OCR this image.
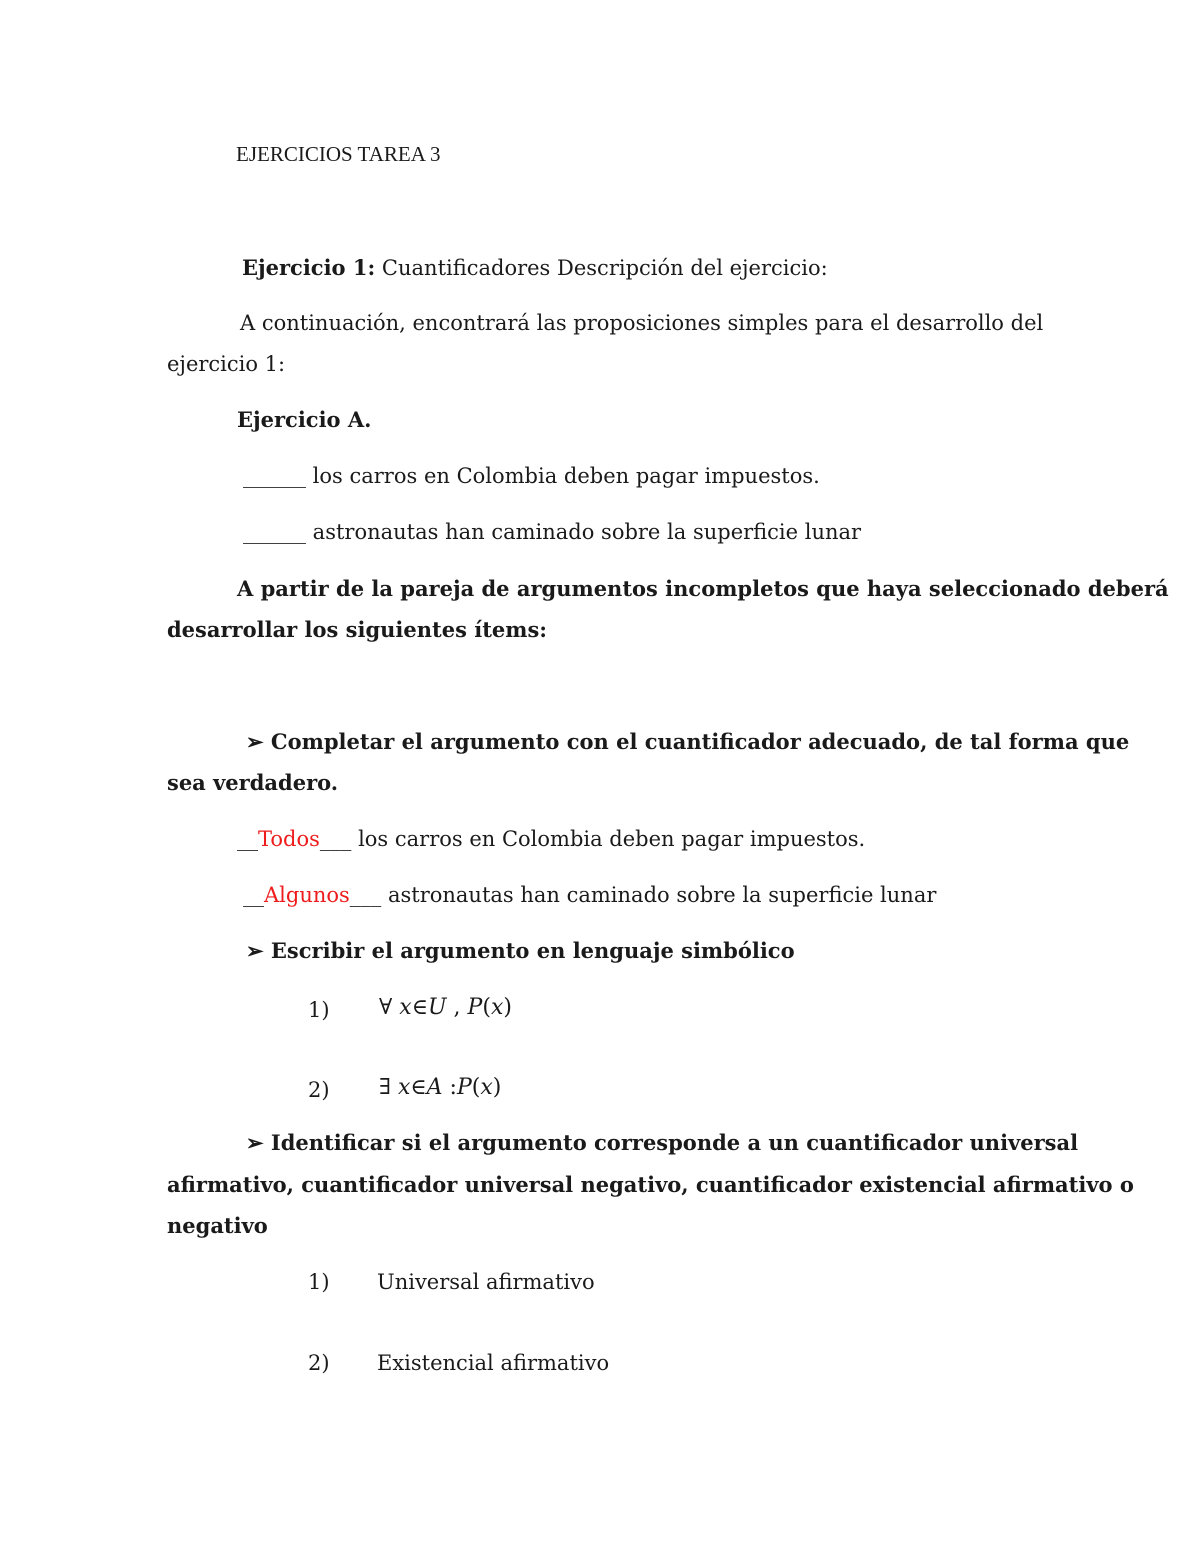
EJERCICIOS TAREA 3
Ejercicio 1: Cuantificadores Descripción del ejercicio:
A continuación, encontrará las proposiciones simples para el desarrollo del
ejercicio 1:
Ejercicio A.
______ los carros en Colombia deben pagar impuestos.
______ astronautas han caminado sobre la superficie lunar
A partir de la pareja de argumentos incompletos que haya seleccionado deberá
desarrollar los siguientes ítems:
➢ Completar el argumento con el cuantificador adecuado, de tal forma que
sea verdadero.
__Todos___ los carros en Colombia deben pagar impuestos.
__Algunos___ astronautas han caminado sobre la superficie lunar
➢ Escribir el argumento en lenguaje simbólico
1) ∀ x∈U , P(x)
2) ∃ x∈A :P(x)
➢ Identificar si el argumento corresponde a un cuantificador universal
afirmativo, cuantificador universal negativo, cuantificador existencial afirmativo o
negativo
1) Universal afirmativo
2) Existencial afirmativo
